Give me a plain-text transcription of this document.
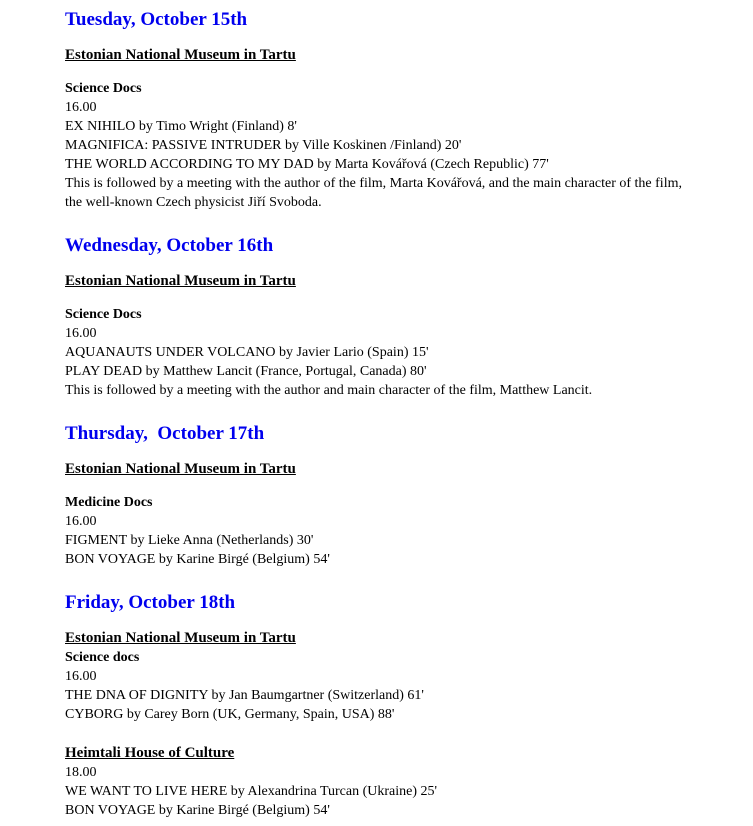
Tuesday, October 15th
Estonian National Museum in Tartu
Science Docs
16.00
EX NIHILO by Timo Wright (Finland) 8'
MAGNIFICA: PASSIVE INTRUDER by Ville Koskinen /Finland) 20'
THE WORLD ACCORDING TO MY DAD by Marta Kovářová (Czech Republic) 77'
This is followed by a meeting with the author of the film, Marta Kovářová, and the main character of the film, the well-known Czech physicist Jiří Svoboda.
Wednesday, October 16th
Estonian National Museum in Tartu
Science Docs
16.00
AQUANAUTS UNDER VOLCANO by Javier Lario (Spain) 15'
PLAY DEAD by Matthew Lancit (France, Portugal, Canada) 80'
This is followed by a meeting with the author and main character of the film, Matthew Lancit.
Thursday,  October 17th
Estonian National Museum in Tartu
Medicine Docs
16.00
FIGMENT by Lieke Anna (Netherlands) 30'
BON VOYAGE by Karine Birgé (Belgium) 54'
Friday, October 18th
Estonian National Museum in Tartu
Science docs
16.00
THE DNA OF DIGNITY by Jan Baumgartner (Switzerland) 61'
CYBORG by Carey Born (UK, Germany, Spain, USA) 88'
Heimtali House of Culture
18.00
WE WANT TO LIVE HERE by Alexandrina Turcan (Ukraine) 25'
BON VOYAGE by Karine Birgé (Belgium) 54'
